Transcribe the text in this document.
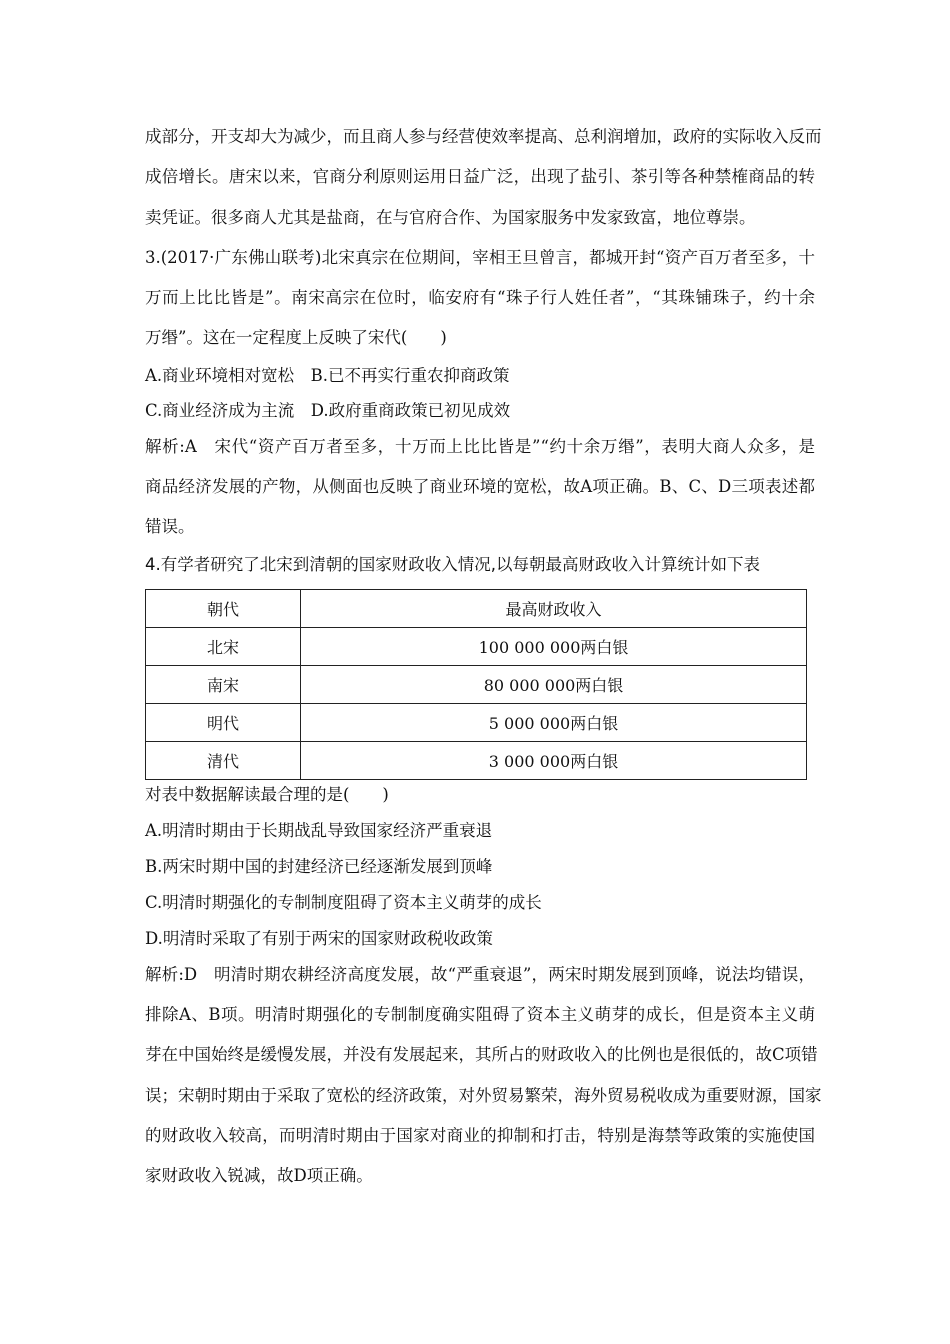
成部分，开支却大为减少，而且商人参与经营使效率提高、总利润增加，政府的实际收入反而
成倍增长。唐宋以来，官商分利原则运用日益广泛，出现了盐引、茶引等各种禁榷商品的转
卖凭证。很多商人尤其是盐商，在与官府合作、为国家服务中发家致富，地位尊崇。
3.(2017·广东佛山联考)北宋真宗在位期间，宰相王旦曾言，都城开封“资产百万者至多，十
万而上比比皆是”。南宋高宗在位时，临安府有“珠子行人姓任者”，“其珠铺珠子，约十余
万缗”。这在一定程度上反映了宋代(　　)
A.商业环境相对宽松　B.已不再实行重农抑商政策
C.商业经济成为主流　D.政府重商政策已初见成效
解析:A　宋代“资产百万者至多，十万而上比比皆是”“约十余万缗”，表明大商人众多，是
商品经济发展的产物，从侧面也反映了商业环境的宽松，故A项正确。B、C、D三项表述都
错误。
4.有学者研究了北宋到清朝的国家财政收入情况,以每朝最高财政收入计算统计如下表
朝代	最高财政收入
北宋	100 000 000两白银
南宋	80 000 000两白银
明代	5 000 000两白银
清代	3 000 000两白银
对表中数据解读最合理的是(　　)
A.明清时期由于长期战乱导致国家经济严重衰退
B.两宋时期中国的封建经济已经逐渐发展到顶峰
C.明清时期强化的专制制度阻碍了资本主义萌芽的成长
D.明清时采取了有别于两宋的国家财政税收政策
解析:D　明清时期农耕经济高度发展，故“严重衰退”，两宋时期发展到顶峰，说法均错误，
排除A、B项。明清时期强化的专制制度确实阻碍了资本主义萌芽的成长，但是资本主义萌
芽在中国始终是缓慢发展，并没有发展起来，其所占的财政收入的比例也是很低的，故C项错
误；宋朝时期由于采取了宽松的经济政策，对外贸易繁荣，海外贸易税收成为重要财源，国家
的财政收入较高，而明清时期由于国家对商业的抑制和打击，特别是海禁等政策的实施使国
家财政收入锐减，故D项正确。
